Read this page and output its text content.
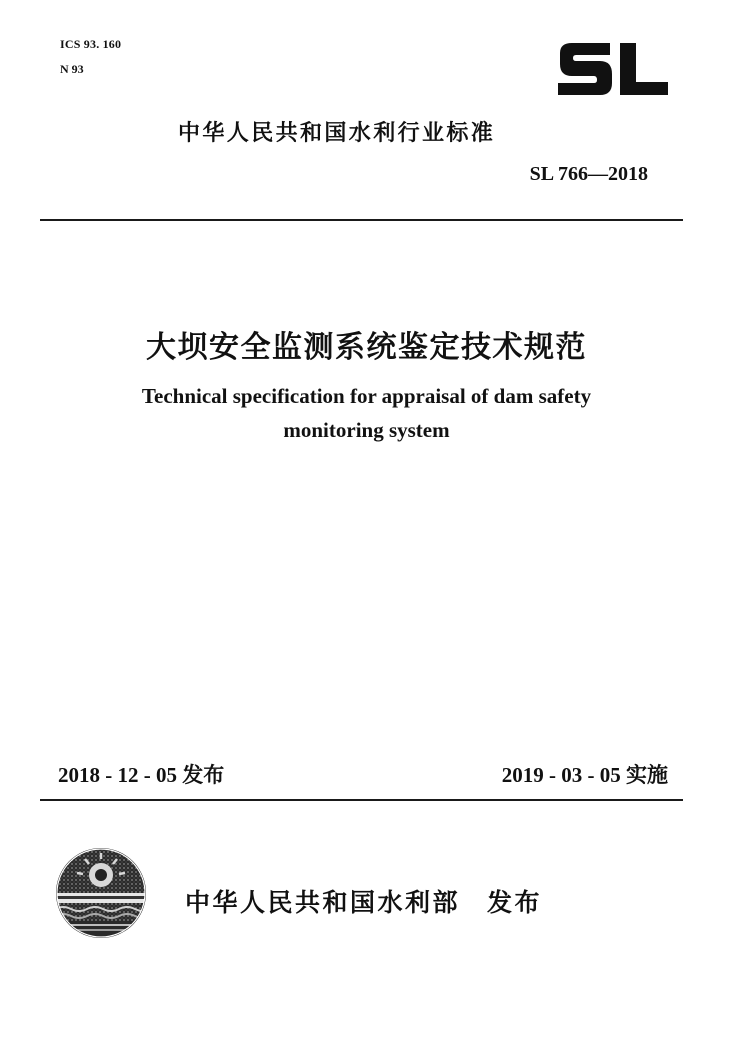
ICS 93. 160
N 93
中华人民共和国水利行业标准
SL 766—2018
大坝安全监测系统鉴定技术规范
Technical specification for appraisal of dam safety
monitoring system
2018 - 12 - 05 发布	2019 - 03 - 05 实施
中华人民共和国水利部 发布
